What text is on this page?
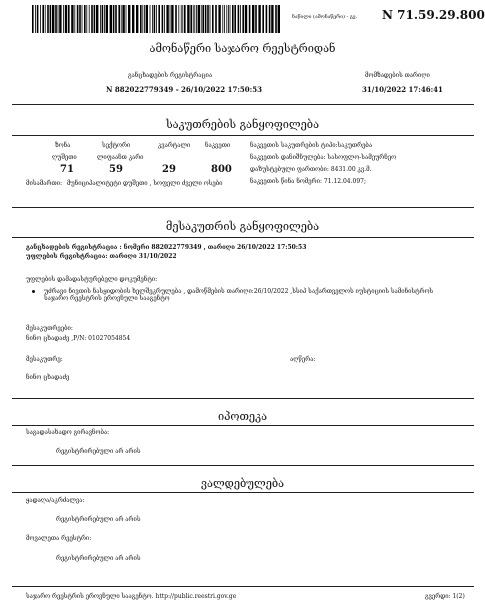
ნაწილი (ამონაწერი) - გვ. N 71.59.29.800
ამონაწერი საჯარო რეესტრიდან
განცხადების რეგისტრაცია
N 882022779349 - 26/10/2022 17:50:53
მომზადების თარიღი
31/10/2022 17:46:41
საკუთრების განყოფილება
ზონა	სექტორი	კვარტალი ნაკვეთი
ღუშეთი	ლიფაანთ კარი
71	59	29	800
ნაკვეთის საკუთრების ტიპი:საკუთრება
ნაკვეთის დანიშნულება: სასოფლო-სამეურნეო
დაზუსტებული ფართობი: 8431.00 კვ.მ.
ნაკვეთის წინა ნომერი: 71.12.04.097;
მისამართი: მუნიციპალიტეტი დუშეთი , სოფელი ძველი ოსები
მესაკუთრის განყოფილება
განცხადების რეგისტრაცია : ნომერი 882022779349 , თარიღი 26/10/2022 17:50:53
უფლების რეგისტრაცია: თარიღი 31/10/2022
უფლების დამადასტურებელი დოკუმენტი:
უძრავი ნივთის ნასყიდობის ხელშეკრულება , დამოწმების თარიღი:26/10/2022 ,სსიპ საქართველოს იუსტიციის სამინისტროს საჯარო რეესტრის ეროვნული სააგენტო
მესაკუთრეები:
ნინო ცხადაძე ,P/N: 01027054854
მესაკუთრე:	აღწერა:
ნინო ცხადაძე
იპოთეკა
საგადასახადო გირავნობა:
რეგისტრირებული არ არის
ვალდებულება
ყადაღა/აკრძალვა:
რეგისტრირებული არ არის
მოვალეთა რეესტრი:
რეგისტრირებული არ არის
საჯარო რეესტრის ეროვნული სააგენტო. http://public.reestri.gov.ge	გვერდი: 1(2)
